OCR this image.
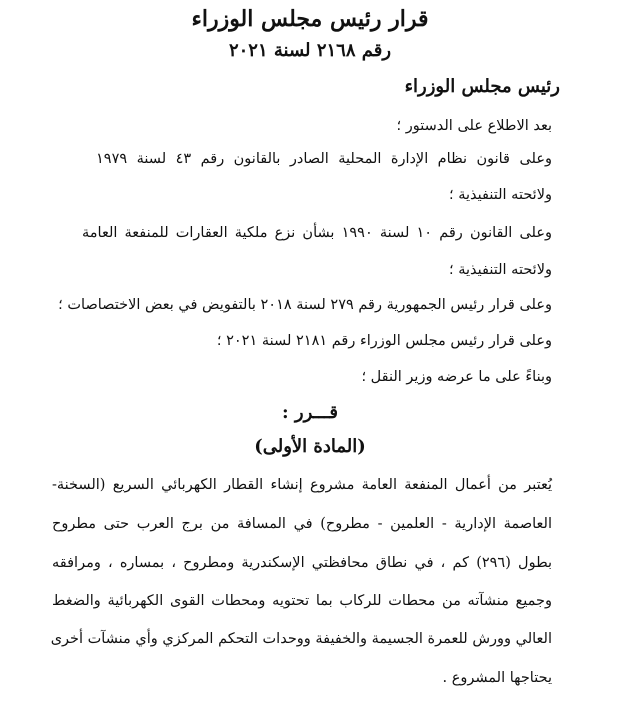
قرار رئيس مجلس الوزراء
رقم ٢١٦٨ لسنة ٢٠٢١
رئيس مجلس الوزراء
بعد الاطلاع على الدستور ؛
وعلى قانون نظام الإدارة المحلية الصادر بالقانون رقم ٤٣ لسنة ١٩٧٩
ولائحته التنفيذية ؛
وعلى القانون رقم ١٠ لسنة ١٩٩٠ بشأن نزع ملكية العقارات للمنفعة العامة
ولائحته التنفيذية ؛
وعلى قرار رئيس الجمهورية رقم ٢٧٩ لسنة ٢٠١٨ بالتفويض في بعض الاختصاصات ؛
وعلى قرار رئيس مجلس الوزراء رقم ٢١٨١ لسنة ٢٠٢١ ؛
وبناءً على ما عرضه وزير النقل ؛
قـــرر :
(المادة الأولى)
يُعتبر من أعمال المنفعة العامة مشروع إنشاء القطار الكهربائي السريع (السخنة-
العاصمة الإدارية - العلمين - مطروح) في المسافة من برج العرب حتى مطروح
بطول (٢٩٦) كم ، في نطاق محافظتي الإسكندرية ومطروح ، بمساره ، ومرافقه
وجميع منشآته من محطات للركاب بما تحتويه ومحطات القوى الكهربائية والضغط
العالي وورش للعمرة الجسيمة والخفيفة ووحدات التحكم المركزي وأي منشآت أخرى
يحتاجها المشروع .
